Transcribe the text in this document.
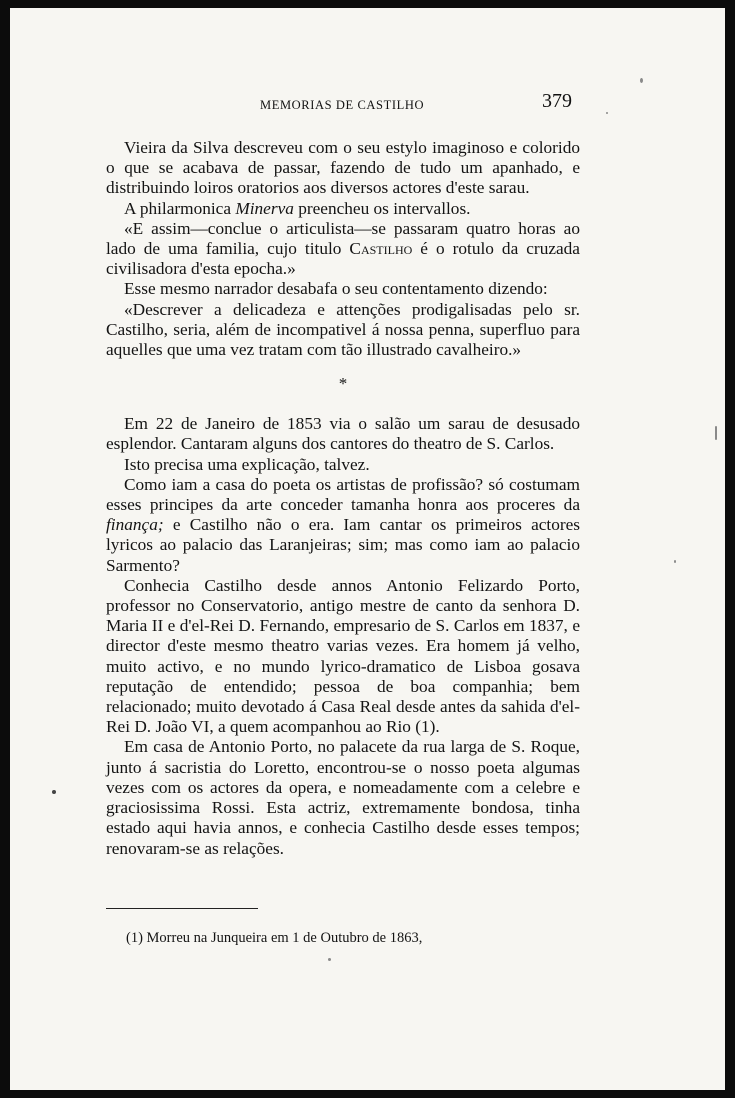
MEMORIAS DE CASTILHO	379

Vieira da Silva descreveu com o seu estylo imaginoso e colorido o que se acabava de passar, fazendo de tudo um apanhado, e distribuindo loiros oratorios aos diversos actores d'este sarau.

A philarmonica Minerva preencheu os intervallos.

«E assim—conclue o articulista—se passaram quatro horas ao lado de uma familia, cujo titulo Castilho é o rotulo da cruzada civilisadora d'esta epocha.»

Esse mesmo narrador desabafa o seu contentamento dizendo:

«Descrever a delicadeza e attenções prodigalisadas pelo sr. Castilho, seria, além de incompativel á nossa penna, superfluo para aquelles que uma vez tratam com tão illustrado cavalheiro.»

*

Em 22 de Janeiro de 1853 via o salão um sarau de desusado esplendor. Cantaram alguns dos cantores do theatro de S. Carlos.

Isto precisa uma explicação, talvez.

Como iam a casa do poeta os artistas de profissão? só costumam esses principes da arte conceder tamanha honra aos proceres da finança; e Castilho não o era. Iam cantar os primeiros actores lyricos ao palacio das Laranjeiras; sim; mas como iam ao palacio Sarmento?

Conhecia Castilho desde annos Antonio Felizardo Porto, professor no Conservatorio, antigo mestre de canto da senhora D. Maria II e d'el-Rei D. Fernando, empresario de S. Carlos em 1837, e director d'este mesmo theatro varias vezes. Era homem já velho, muito activo, e no mundo lyrico-dramatico de Lisboa gosava reputação de entendido; pessoa de boa companhia; bem relacionado; muito devotado á Casa Real desde antes da sahida d'el-Rei D. João VI, a quem acompanhou ao Rio (1).

Em casa de Antonio Porto, no palacete da rua larga de S. Roque, junto á sacristia do Loretto, encontrou-se o nosso poeta algumas vezes com os actores da opera, e nomeadamente com a celebre e graciosissima Rossi. Esta actriz, extremamente bondosa, tinha estado aqui havia annos, e conhecia Castilho desde esses tempos; renovaram-se as relações.

(1) Morreu na Junqueira em 1 de Outubro de 1863,
